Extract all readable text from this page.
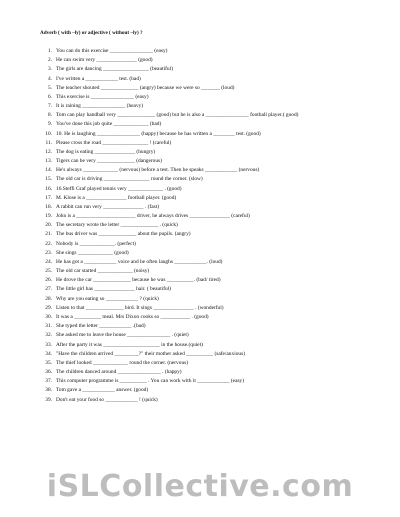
Adverb ( with –ly) or adjective ( without –ly) ?
1. You can do this exercise ________________ (easy)
2. He can swim very _______________ (good)
3. The girls are dancing _________________ (beautiful)
4. I've written a ____________ test. (bad)
5. The teacher shouted ______________ (angry) because we were so _______ (loud)
6. This exercise is ________________ (easy)
7. It is raining ________________ (heavy)
8. Tom can play handball very ______________ (good) but he is also a ________________ football player.( good)
9. You've done this job quite _____________ (bad)
10. 10. He is laughing ________________ (happy) because he has written a ________ test. (good)
11. Please cross the road _________________ ! (careful)
12. The dog is eating _______________ (hungry)
13. Tigers can be very ______________ (dangerous)
14. He's always _____________ (nervous) before a test. Then he speaks ____________ (nervous)
15. The old car is driving _________________ round the corner. (slow)
16. 16.Steffi Graf played tennis very _____________ . (good)
17. M. Klose is a _______________ football player. (good)
18. A rabbit can run very _______________ . (fast)
19. John is a ______________________ driver, he always drives _______________ (careful)
20. The secretary wrote the letter ______________ . (quick)
21. The bus driver was ______________ about the pupils. (angry)
22. Nobody is _____________. (perfect)
23. She sings _____________ (good)
24. He has got a ____________ voice and he often laughs ____________. (loud)
25. The old car started _____________ (noisy)
26. He drove the car ______________ because he was __________. (bad/ tired)
27. The little girl has _______________ hair. ( beautiful)
28. Why are you eating so ____________ ? (quick)
29. Listen to that ______________ bird. It sings _______________ . (wonderful)
30. It was a __________ meal. Mrs Dixon cooks so ___________ . (good)
31. She typed the letter ____________ .(bad)
32. She asked me to leave the house ________________ . (quiet)
33. After the party it was _____________________ in the house.(quiet)
34. "Have the children arrived _________?" their mother asked __________ (safe/anxious)
35. The thief looked _____________ round the corner. (nervous)
36. The children danced around ________________ . (happy)
37. This computer programme is __________ . You can work with it ____________ (easy)
38. Tom gave a ____________ answer. (good)
39. Don't eat your food so ____________ ! (quick)
iSLCollective.com
